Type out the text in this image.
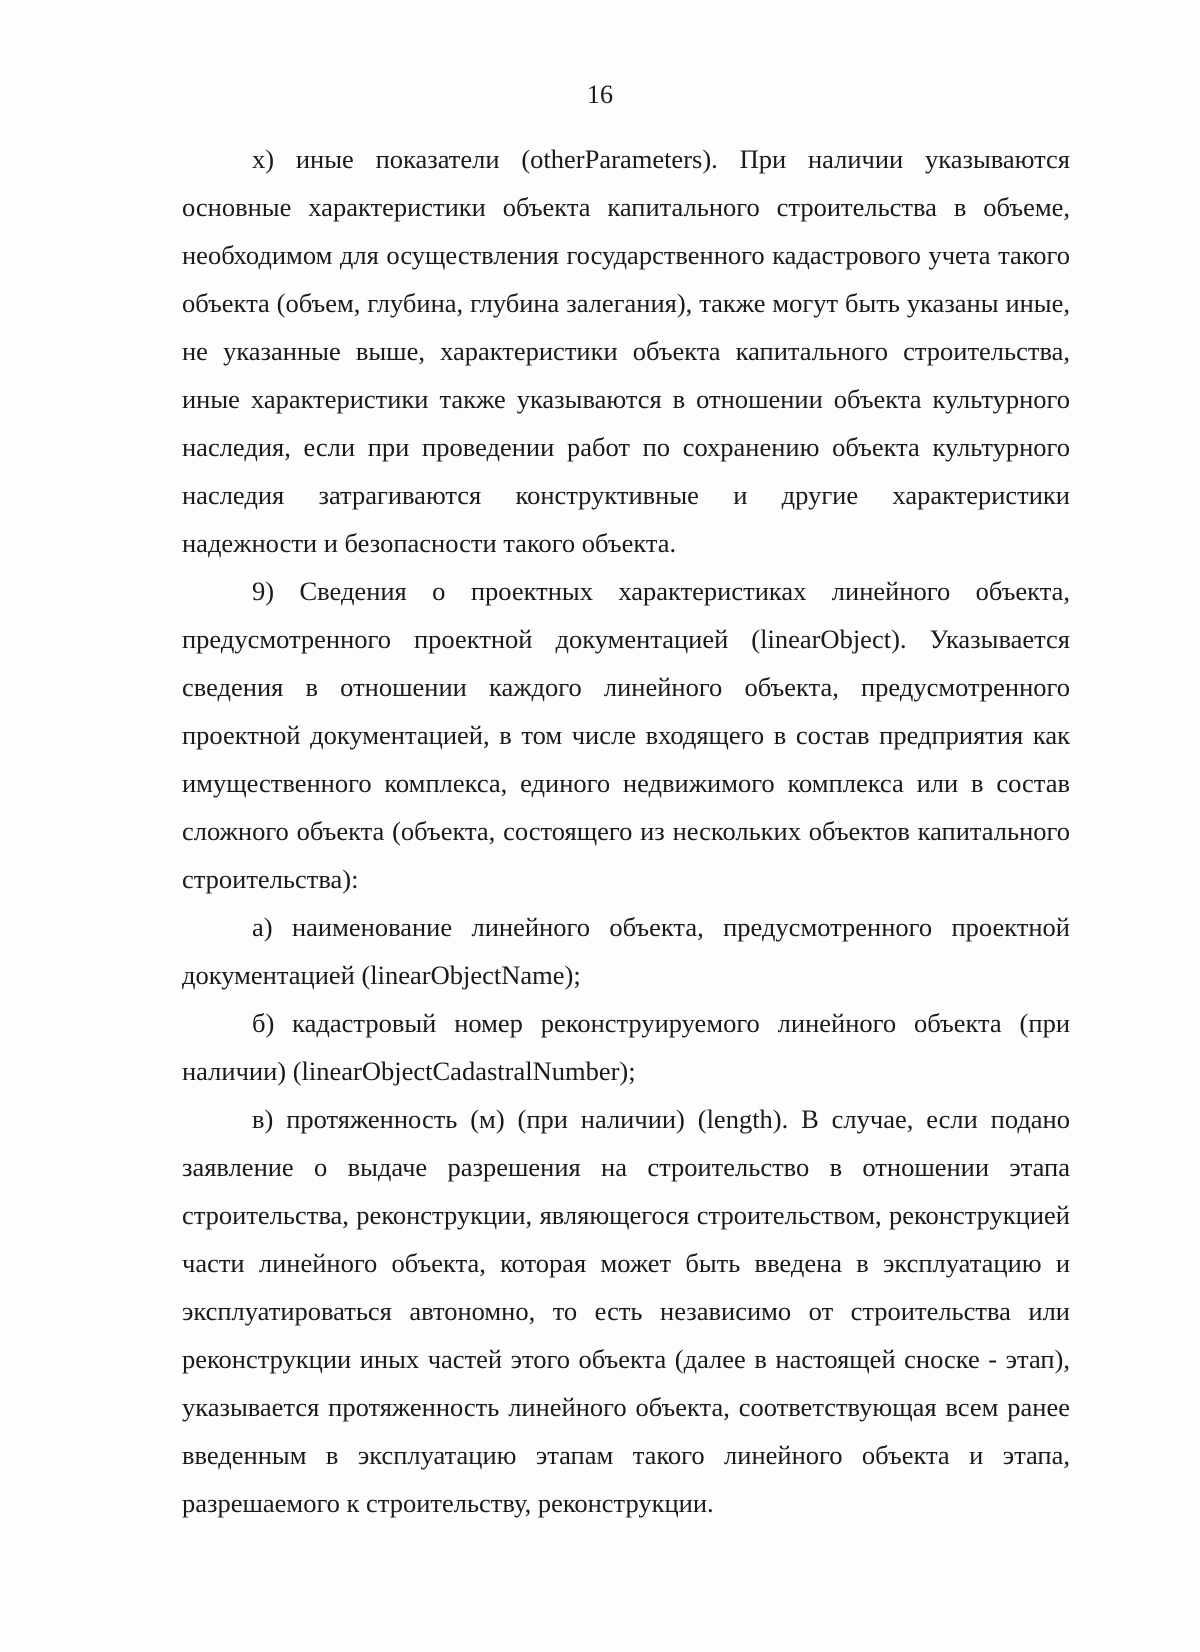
16

х) иные показатели (otherParameters). При наличии указываются основные характеристики объекта капитального строительства в объеме, необходимом для осуществления государственного кадастрового учета такого объекта (объем, глубина, глубина залегания), также могут быть указаны иные, не указанные выше, характеристики объекта капитального строительства, иные характеристики также указываются в отношении объекта культурного наследия, если при проведении работ по сохранению объекта культурного наследия затрагиваются конструктивные и другие характеристики надежности и безопасности такого объекта.

9) Сведения о проектных характеристиках линейного объекта, предусмотренного проектной документацией (linearObject). Указывается сведения в отношении каждого линейного объекта, предусмотренного проектной документацией, в том числе входящего в состав предприятия как имущественного комплекса, единого недвижимого комплекса или в состав сложного объекта (объекта, состоящего из нескольких объектов капитального строительства):

а) наименование линейного объекта, предусмотренного проектной документацией (linearObjectName);

б) кадастровый номер реконструируемого линейного объекта (при наличии) (linearObjectCadastralNumber);

в) протяженность (м) (при наличии) (length). В случае, если подано заявление о выдаче разрешения на строительство в отношении этапа строительства, реконструкции, являющегося строительством, реконструкцией части линейного объекта, которая может быть введена в эксплуатацию и эксплуатироваться автономно, то есть независимо от строительства или реконструкции иных частей этого объекта (далее в настоящей сноске - этап), указывается протяженность линейного объекта, соответствующая всем ранее введенным в эксплуатацию этапам такого линейного объекта и этапа, разрешаемого к строительству, реконструкции.
